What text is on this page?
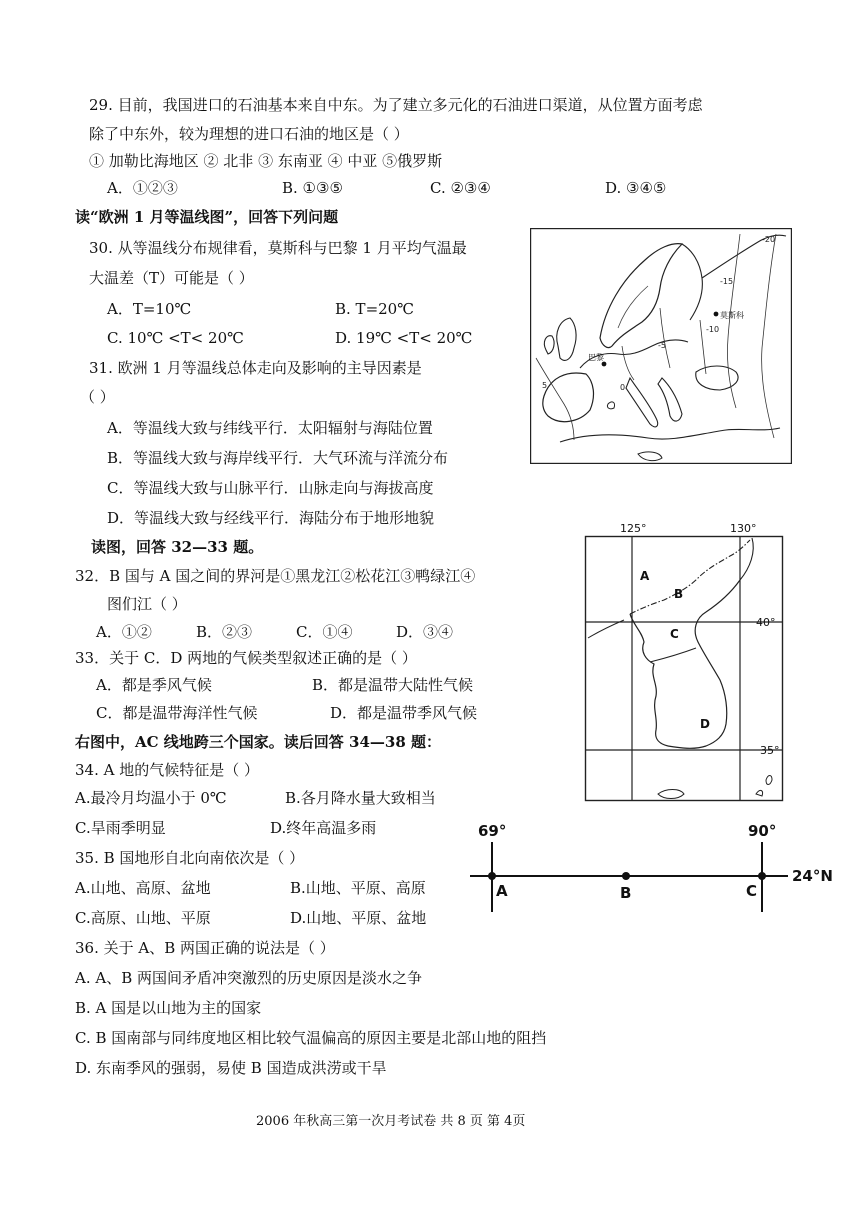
29. 目前，我国进口的石油基本来自中东。为了建立多元化的石油进口渠道，从位置方面考虑
除了中东外，较为理想的进口石油的地区是（ ）
① 加勒比海地区 ② 北非 ③ 东南亚 ④ 中亚 ⑤俄罗斯
A．①②③	B. ①③⑤	C. ②③④	D. ③④⑤
读“欧洲 1 月等温线图”，回答下列问题
30. 从等温线分布规律看，莫斯科与巴黎 1 月平均气温最
大温差（T）可能是（ ）
A．T=10℃	B. T=20℃
C. 10℃ <T< 20℃	D. 19℃ <T< 20℃
31. 欧洲 1 月等温线总体走向及影响的主导因素是
（ ）
A．等温线大致与纬线平行．太阳辐射与海陆位置
B．等温线大致与海岸线平行．大气环流与洋流分布
C．等温线大致与山脉平行．山脉走向与海拔高度
D．等温线大致与经线平行．海陆分布于地形地貌
-20
-15
-10
莫斯科
巴黎
-5
0
5
读图，回答 32—33 题。
32．B 国与 A 国之间的界河是①黑龙江②松花江③鸭绿江④
图们江（ ）
A．①②	B．②③	C．①④	D．③④
33．关于 C．D 两地的气候类型叙述正确的是（ ）
A．都是季风气候	B．都是温带大陆性气候
C．都是温带海洋性气候	D．都是温带季风气候
125°	130°
40°
35°
A
B
C
D
右图中，AC 线地跨三个国家。读后回答 34—38 题：
34. A 地的气候特征是（ ）
A.最冷月均温小于 0℃	B.各月降水量大致相当
C.旱雨季明显	D.终年高温多雨
35. B 国地形自北向南依次是（ ）
A.山地、高原、盆地	B.山地、平原、高原
C.高原、山地、平原	D.山地、平原、盆地
69°	90°
24°N
A	B	C
36. 关于 A、B 两国正确的说法是（ ）
A. A、B 两国间矛盾冲突激烈的历史原因是淡水之争
B. A 国是以山地为主的国家
C. B 国南部与同纬度地区相比较气温偏高的原因主要是北部山地的阻挡
D. 东南季风的强弱，易使 B 国造成洪涝或干旱
2006 年秋高三第一次月考试卷 共 8 页 第 4页
